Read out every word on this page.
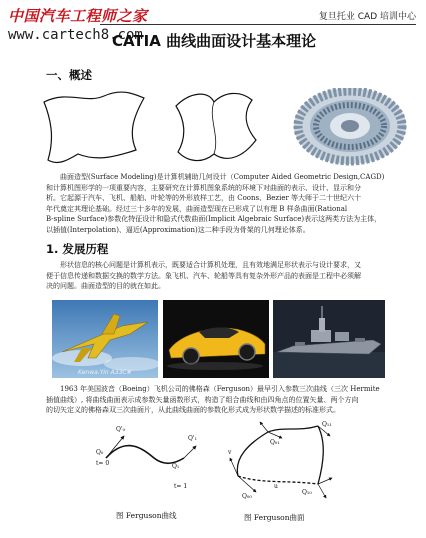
中国汽车工程师之家
www.cartech8.com
复旦托业 CAD 培训中心
CATIA 曲线曲面设计基本理论
一、概述

曲面造型(Surface Modeling)是计算机辅助几何设计（Computer Aided Geometric Design,CAGD)

和计算机图形学的一项重要内容，主要研究在计算机图象系统的环境下对曲面的表示、设计、显示和分

析。它起源于汽车、飞机、船舶、叶轮等的外形放样工艺，由 Coons、Bezier 等大师于二十世纪六十

年代奠定其理论基础。经过三十多年的发展，曲面造型现在已形成了以有理 B 样条曲面(Rational

B-spline Surface)参数化特征设计和隐式代数曲面(Implicit Algebraic Surface)表示这两类方法为主体，

以插值(Interpolation)、逼近(Approximation)这二种手段为骨架的几何理论体系。

1. 发展历程

形状信息的核心问题是计算机表示，既要适合计算机处理，且有效地满足形状表示与设计要求，又

便于信息传递和数据交换的数学方法。象飞机、汽车、轮船等具有复杂外形产品的表面是工程中必须解

决的问题。曲面造型的目的就在如此。

Kenwa.Yin A33C#

1963 年美国波音（Boeing）飞机公司的佛格森（Ferguson）最早引入参数三次曲线（三次 Hermite

插值曲线）, 将曲线曲面表示成参数矢量函数形式，构造了组合曲线和由四角点的位置矢量、两个方向

的切矢定义的佛格森双三次曲面片，从此曲线曲面的参数化形式成为形状数学描述的标准形式。

Q₀
t= 0
Q'₀
Q₁
Q'₁
t= 1
图 Ferguson曲线
Q₀₀
Q₀₁
Q₁₀
Q₁₁
u
v
图 Ferguson曲面
